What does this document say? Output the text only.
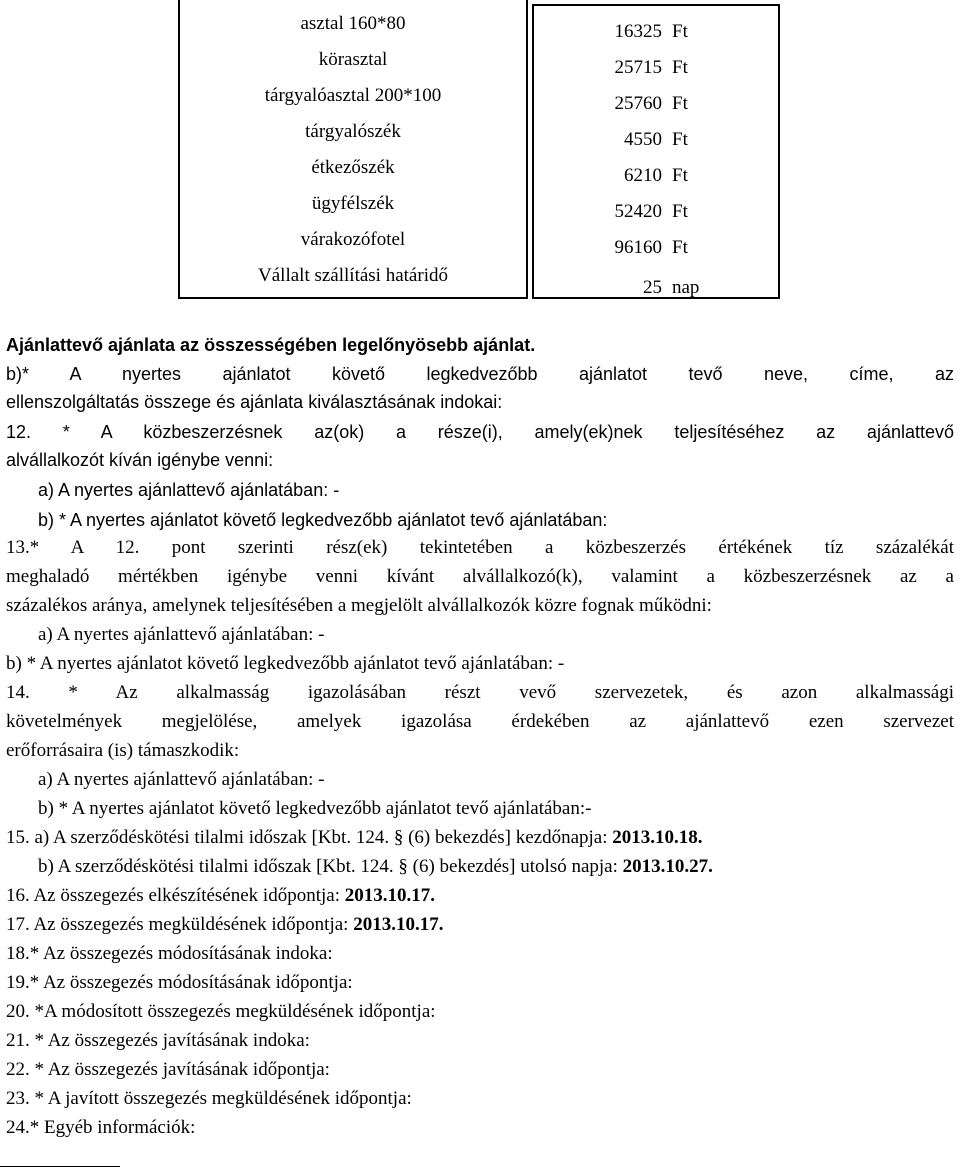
asztal 160*80
körasztal
tárgyalóasztal 200*100
tárgyalószék
étkezőszék
ügyfélszék
várakozófotel
Vállalt szállítási határidő
16325 Ft
25715 Ft
25760 Ft
4550 Ft
6210 Ft
52420 Ft
96160 Ft
25 nap
Ajánlattevő ajánlata az összességében legelőnyösebb ajánlat.
b)* A nyertes ajánlatot követő legkedvezőbb ajánlatot tevő neve, címe, az
ellenszolgáltatás összege és ajánlata kiválasztásának indokai:
12. * A közbeszerzésnek az(ok) a része(i), amely(ek)nek teljesítéséhez az ajánlattevő
alvállalkozót kíván igénybe venni:
a) A nyertes ajánlattevő ajánlatában: -
b) * A nyertes ajánlatot követő legkedvezőbb ajánlatot tevő ajánlatában:
13.* A 12. pont szerinti rész(ek) tekintetében a közbeszerzés értékének tíz százalékát
meghaladó mértékben igénybe venni kívánt alvállalkozó(k), valamint a közbeszerzésnek az a
százalékos aránya, amelynek teljesítésében a megjelölt alvállalkozók közre fognak működni:
a) A nyertes ajánlattevő ajánlatában: -
b) * A nyertes ajánlatot követő legkedvezőbb ajánlatot tevő ajánlatában: -
14. * Az alkalmasság igazolásában részt vevő szervezetek, és azon alkalmassági
követelmények megjelölése, amelyek igazolása érdekében az ajánlattevő ezen szervezet
erőforrásaira (is) támaszkodik:
a) A nyertes ajánlattevő ajánlatában: -
b) * A nyertes ajánlatot követő legkedvezőbb ajánlatot tevő ajánlatában:-
15. a) A szerződéskötési tilalmi időszak [Kbt. 124. § (6) bekezdés] kezdőnapja: 2013.10.18.
b) A szerződéskötési tilalmi időszak [Kbt. 124. § (6) bekezdés] utolsó napja: 2013.10.27.
16. Az összegezés elkészítésének időpontja: 2013.10.17.
17. Az összegezés megküldésének időpontja: 2013.10.17.
18.* Az összegezés módosításának indoka:
19.* Az összegezés módosításának időpontja:
20. *A módosított összegezés megküldésének időpontja:
21. * Az összegezés javításának indoka:
22. * Az összegezés javításának időpontja:
23. * A javított összegezés megküldésének időpontja:
24.* Egyéb információk:
